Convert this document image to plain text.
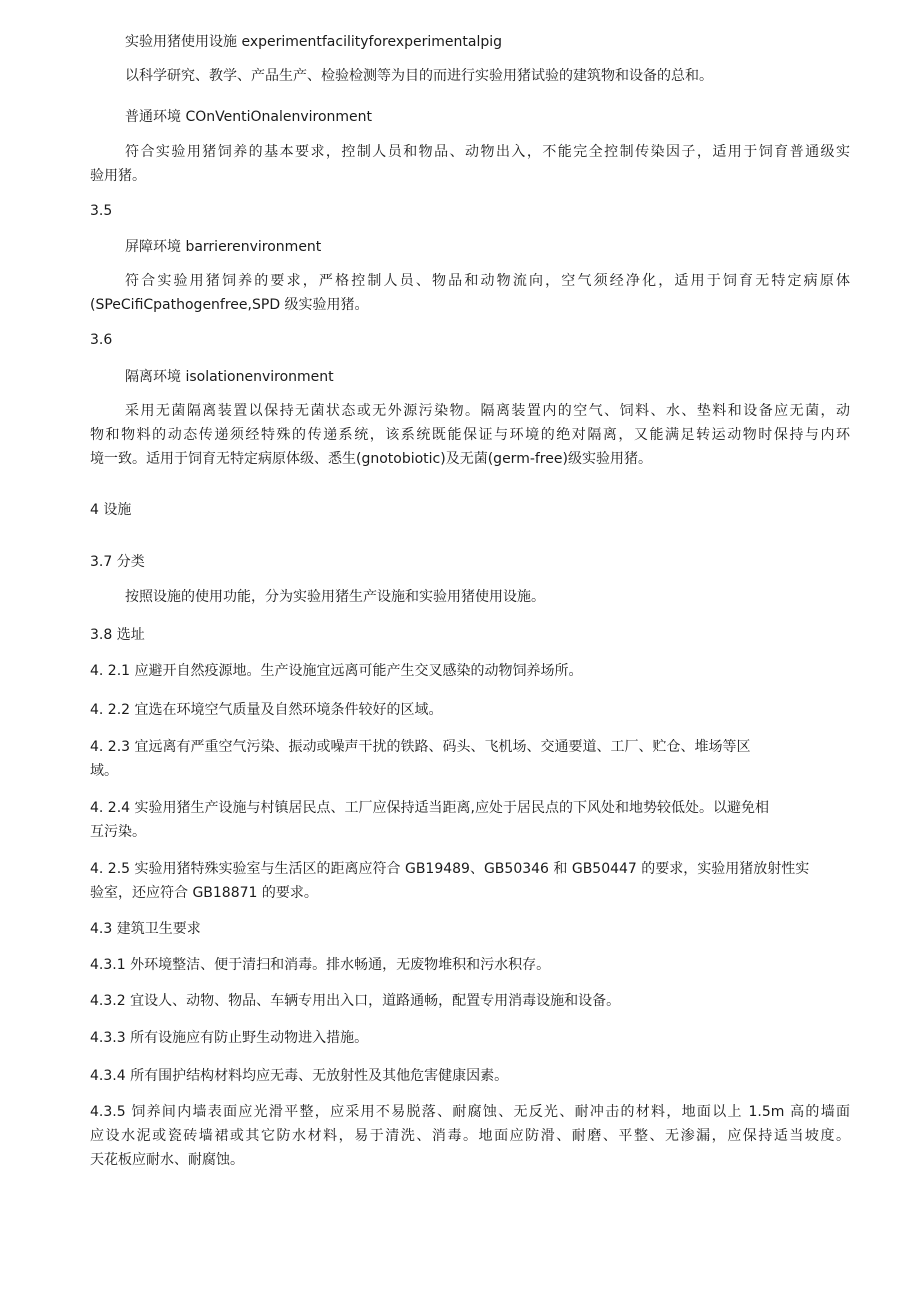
实验用猪使用设施 experimentfacilityforexperimentalpig
以科学研究、教学、产品生产、检验检测等为目的而进行实验用猪试验的建筑物和设备的总和。
普通环境 COnVentiOnalenvironment
符合实验用猪饲养的基本要求，控制人员和物品、动物出入，不能完全控制传染因子，适用于饲育普通级实
验用猪。
3.5
屏障环境 barrierenvironment
符合实验用猪饲养的要求，严格控制人员、物品和动物流向，空气须经净化，适用于饲育无特定病原体
(SPeCifiCpathogenfree,SPD 级实验用猪。
3.6
隔离环境 isolationenvironment
采用无菌隔离装置以保持无菌状态或无外源污染物。隔离装置内的空气、饲料、水、垫料和设备应无菌，动
物和物料的动态传递须经特殊的传递系统，该系统既能保证与环境的绝对隔离，又能满足转运动物时保持与内环
境一致。适用于饲育无特定病原体级、悉生(gnotobiotic)及无菌(germ-free)级实验用猪。
4 设施
3.7 分类
按照设施的使用功能，分为实验用猪生产设施和实验用猪使用设施。
3.8 选址
4. 2.1 应避开自然疫源地。生产设施宜远离可能产生交叉感染的动物饲养场所。
4. 2.2 宜选在环境空气质量及自然环境条件较好的区域。
4. 2.3 宜远离有严重空气污染、振动或噪声干扰的铁路、码头、飞机场、交通要道、工厂、贮仓、堆场等区
域。
4. 2.4 实验用猪生产设施与村镇居民点、工厂应保持适当距离,应处于居民点的下风处和地势较低处。以避免相
互污染。
4. 2.5 实验用猪特殊实验室与生活区的距离应符合 GB19489、GB50346 和 GB50447 的要求，实验用猪放射性实
验室，还应符合 GB18871 的要求。
4.3 建筑卫生要求
4.3.1 外环境整洁、便于清扫和消毒。排水畅通，无废物堆积和污水积存。
4.3.2 宜设人、动物、物品、车辆专用出入口，道路通畅，配置专用消毒设施和设备。
4.3.3 所有设施应有防止野生动物进入措施。
4.3.4 所有围护结构材料均应无毒、无放射性及其他危害健康因素。
4.3.5 饲养间内墙表面应光滑平整，应采用不易脱落、耐腐蚀、无反光、耐冲击的材料，地面以上 1.5m 高的墙面
应设水泥或瓷砖墙裙或其它防水材料，易于清洗、消毒。地面应防滑、耐磨、平整、无渗漏，应保持适当坡度。
天花板应耐水、耐腐蚀。
